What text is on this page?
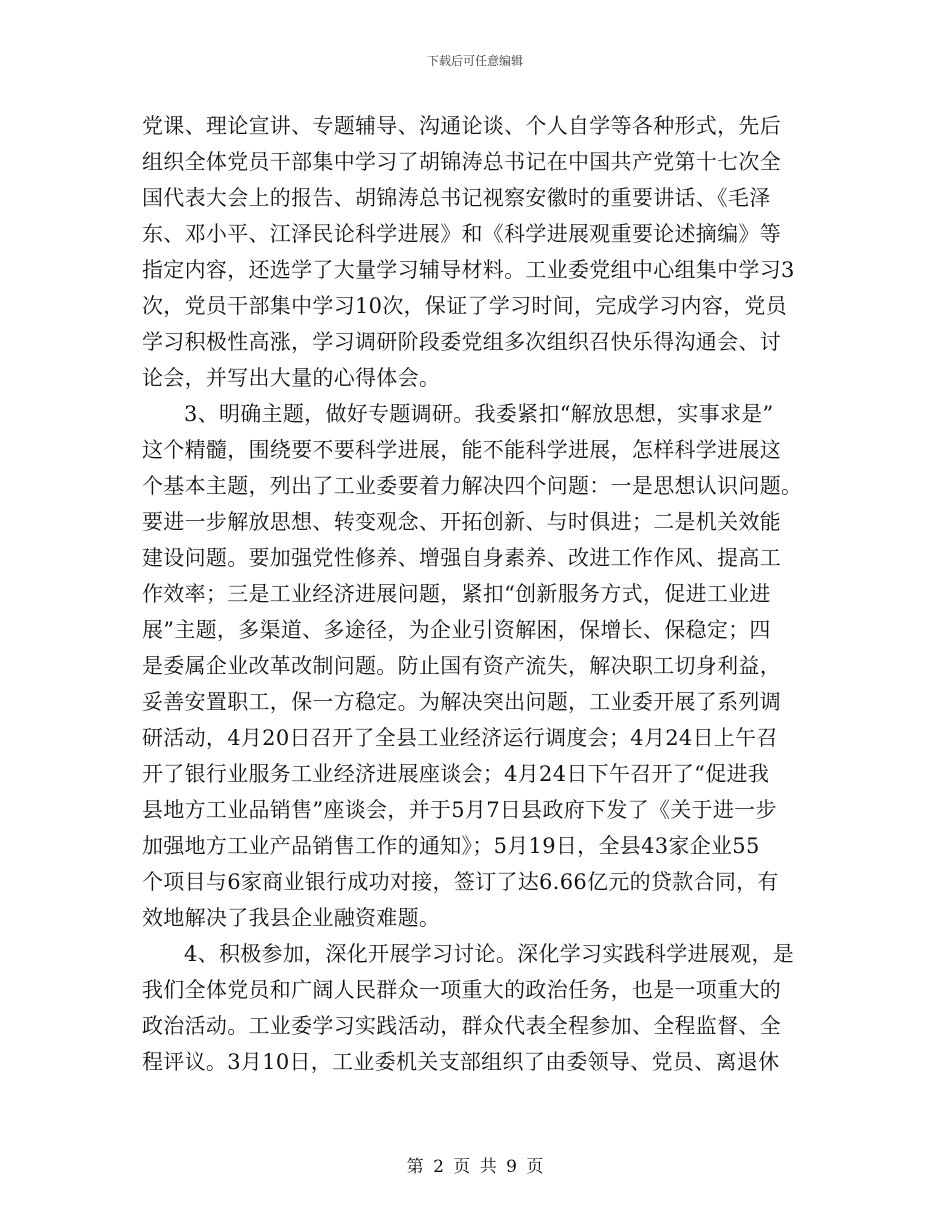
下载后可任意编辑
党课、理论宣讲、专题辅导、沟通论谈、个人自学等各种形式，先后
组织全体党员干部集中学习了胡锦涛总书记在中国共产党第十七次全
国代表大会上的报告、胡锦涛总书记视察安徽时的重要讲话、《毛泽
东、邓小平、江泽民论科学进展》和《科学进展观重要论述摘编》等
指定内容，还选学了大量学习辅导材料。工业委党组中心组集中学习3
次，党员干部集中学习10次，保证了学习时间，完成学习内容，党员
学习积极性高涨，学习调研阶段委党组多次组织召快乐得沟通会、讨
论会，并写出大量的心得体会。
3、明确主题，做好专题调研。我委紧扣“解放思想，实事求是”
这个精髓，围绕要不要科学进展，能不能科学进展，怎样科学进展这
个基本主题，列出了工业委要着力解决四个问题：一是思想认识问题。
要进一步解放思想、转变观念、开拓创新、与时俱进；二是机关效能
建设问题。要加强党性修养、增强自身素养、改进工作作风、提高工
作效率；三是工业经济进展问题，紧扣“创新服务方式，促进工业进
展”主题，多渠道、多途径，为企业引资解困，保增长、保稳定；四
是委属企业改革改制问题。防止国有资产流失，解决职工切身利益，
妥善安置职工，保一方稳定。为解决突出问题，工业委开展了系列调
研活动，4月20日召开了全县工业经济运行调度会；4月24日上午召
开了银行业服务工业经济进展座谈会；4月24日下午召开了“促进我
县地方工业品销售”座谈会，并于5月7日县政府下发了《关于进一步
加强地方工业产品销售工作的通知》；5月19日，全县43家企业55
个项目与6家商业银行成功对接，签订了达6.66亿元的贷款合同，有
效地解决了我县企业融资难题。
4、积极参加，深化开展学习讨论。深化学习实践科学进展观，是
我们全体党员和广阔人民群众一项重大的政治任务，也是一项重大的
政治活动。工业委学习实践活动，群众代表全程参加、全程监督、全
程评议。3月10日，工业委机关支部组织了由委领导、党员、离退休
第 2 页 共 9 页
